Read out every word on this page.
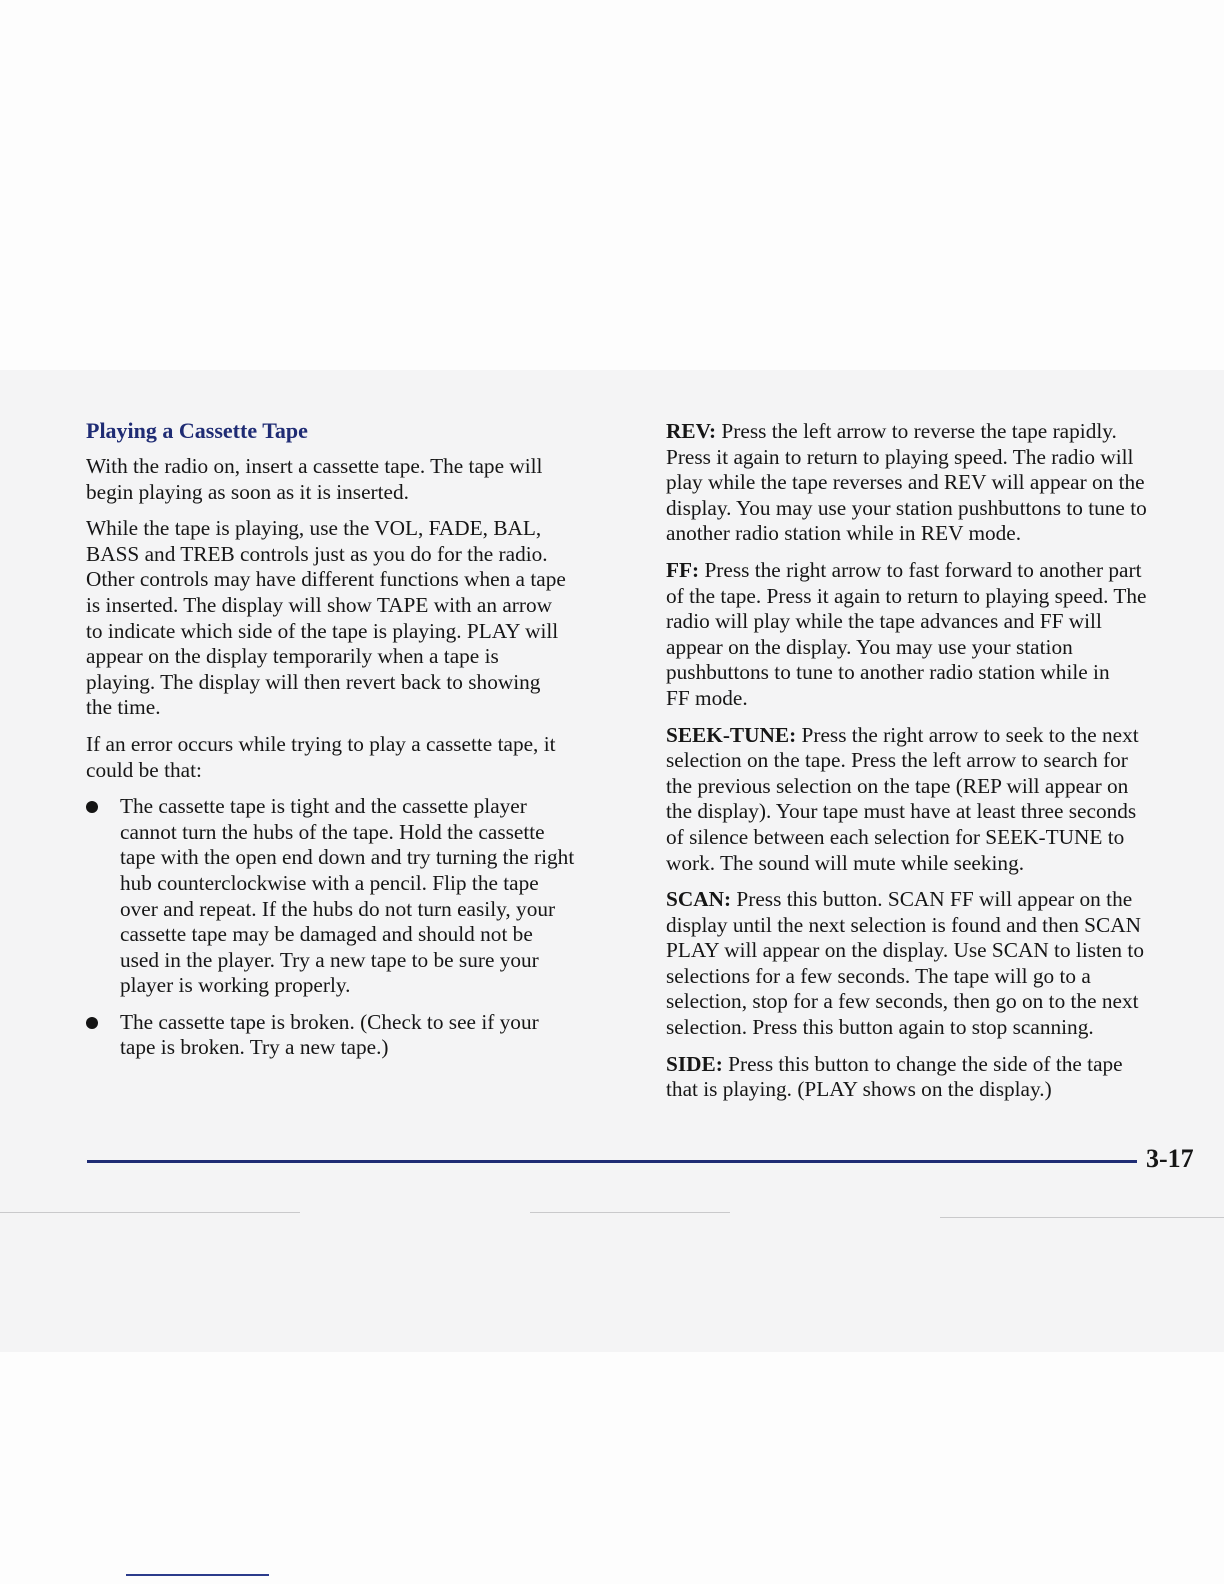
Playing a Cassette Tape

With the radio on, insert a cassette tape. The tape will
begin playing as soon as it is inserted.

While the tape is playing, use the VOL, FADE, BAL,
BASS and TREB controls just as you do for the radio.
Other controls may have different functions when a tape
is inserted. The display will show TAPE with an arrow
to indicate which side of the tape is playing. PLAY will
appear on the display temporarily when a tape is
playing. The display will then revert back to showing
the time.

If an error occurs while trying to play a cassette tape, it
could be that:

The cassette tape is tight and the cassette player
cannot turn the hubs of the tape. Hold the cassette
tape with the open end down and try turning the right
hub counterclockwise with a pencil. Flip the tape
over and repeat. If the hubs do not turn easily, your
cassette tape may be damaged and should not be
used in the player. Try a new tape to be sure your
player is working properly.
The cassette tape is broken. (Check to see if your
tape is broken. Try a new tape.)

REV: Press the left arrow to reverse the tape rapidly.
Press it again to return to playing speed. The radio will
play while the tape reverses and REV will appear on the
display. You may use your station pushbuttons to tune to
another radio station while in REV mode.

FF: Press the right arrow to fast forward to another part
of the tape. Press it again to return to playing speed. The
radio will play while the tape advances and FF will
appear on the display. You may use your station
pushbuttons to tune to another radio station while in
FF mode.

SEEK-TUNE: Press the right arrow to seek to the next
selection on the tape. Press the left arrow to search for
the previous selection on the tape (REP will appear on
the display). Your tape must have at least three seconds
of silence between each selection for SEEK-TUNE to
work. The sound will mute while seeking.

SCAN: Press this button. SCAN FF will appear on the
display until the next selection is found and then SCAN
PLAY will appear on the display. Use SCAN to listen to
selections for a few seconds. The tape will go to a
selection, stop for a few seconds, then go on to the next
selection. Press this button again to stop scanning.

SIDE: Press this button to change the side of the tape
that is playing. (PLAY shows on the display.)

3-17
